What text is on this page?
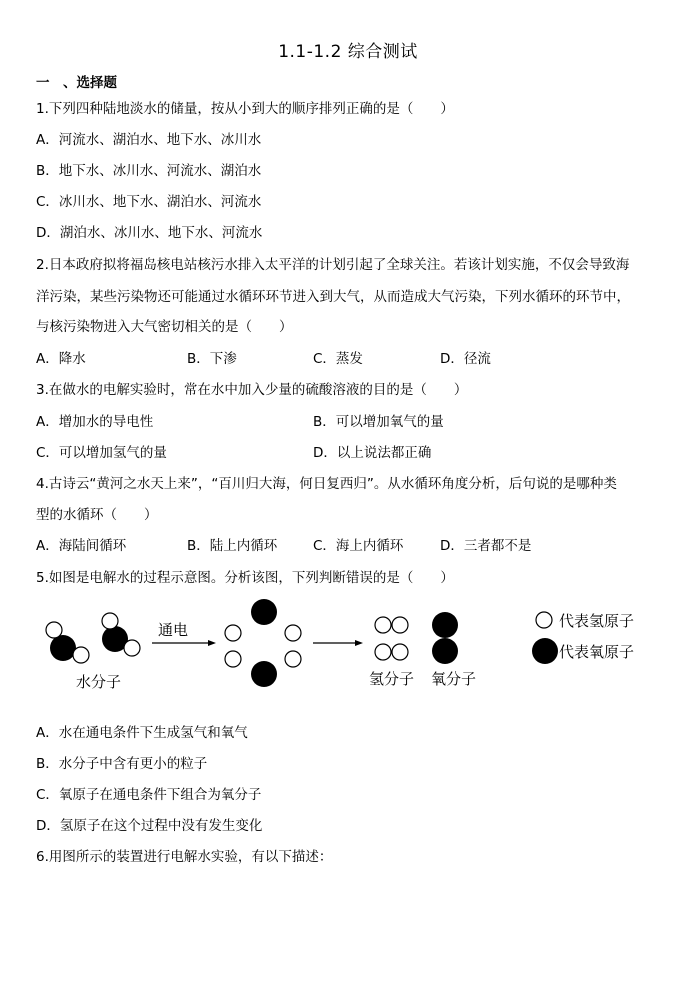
1.1-1.2 综合测试
一　、选择题
1.下列四种陆地淡水的储量，按从小到大的顺序排列正确的是（　　）
A．河流水、湖泊水、地下水、冰川水
B．地下水、冰川水、河流水、湖泊水
C．冰川水、地下水、湖泊水、河流水
D．湖泊水、冰川水、地下水、河流水
2.日本政府拟将福岛核电站核污水排入太平洋的计划引起了全球关注。若该计划实施，不仅会导致海
洋污染，某些污染物还可能通过水循环环节进入到大气，从而造成大气污染，下列水循环的环节中，
与核污染物进入大气密切相关的是（　　）
A．降水	B．下渗	C．蒸发	D．径流
3.在做水的电解实验时，常在水中加入少量的硫酸溶液的目的是（　　）
A．增加水的导电性	B．可以增加氧气的量
C．可以增加氢气的量	D．以上说法都正确
4.古诗云“黄河之水天上来”，“百川归大海，何日复西归”。从水循环角度分析，后句说的是哪种类
型的水循环（　　）
A．海陆间循环	B．陆上内循环	C．海上内循环	D．三者都不是
5.如图是电解水的过程示意图。分析该图，下列判断错误的是（　　）
水分子
通电
氢分子 氧分子
代表氢原子
代表氧原子
A．水在通电条件下生成氢气和氧气
B．水分子中含有更小的粒子
C．氧原子在通电条件下组合为氧分子
D．氢原子在这个过程中没有发生变化
6.用图所示的装置进行电解水实验，有以下描述：
